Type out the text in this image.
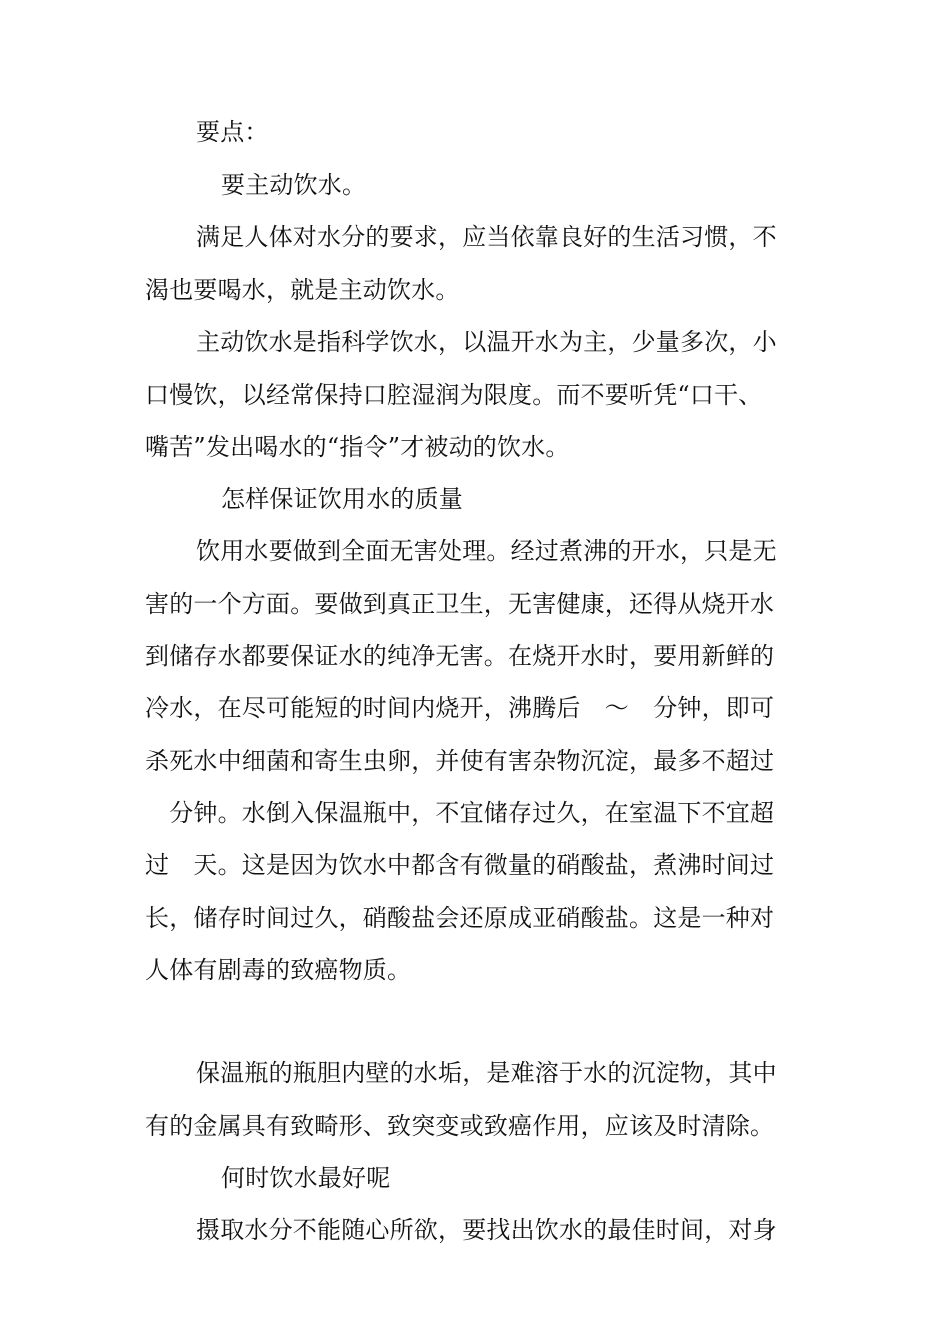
要点：
要主动饮水。
满足人体对水分的要求，应当依靠良好的生活习惯，不
渴也要喝水，就是主动饮水。
主动饮水是指科学饮水，以温开水为主，少量多次，小
口慢饮，以经常保持口腔湿润为限度。而不要听凭“口干、
嘴苦”发出喝水的“指令”才被动的饮水。
怎样保证饮用水的质量
饮用水要做到全面无害处理。经过煮沸的开水，只是无
害的一个方面。要做到真正卫生，无害健康，还得从烧开水
到储存水都要保证水的纯净无害。在烧开水时，要用新鲜的
冷水，在尽可能短的时间内烧开，沸腾后　～　分钟，即可
杀死水中细菌和寄生虫卵，并使有害杂物沉淀，最多不超过
　分钟。水倒入保温瓶中，不宜储存过久，在室温下不宜超
过　天。这是因为饮水中都含有微量的硝酸盐，煮沸时间过
长，储存时间过久，硝酸盐会还原成亚硝酸盐。这是一种对
人体有剧毒的致癌物质。
保温瓶的瓶胆内壁的水垢，是难溶于水的沉淀物，其中
有的金属具有致畸形、致突变或致癌作用，应该及时清除。
何时饮水最好呢
摄取水分不能随心所欲，要找出饮水的最佳时间，对身
